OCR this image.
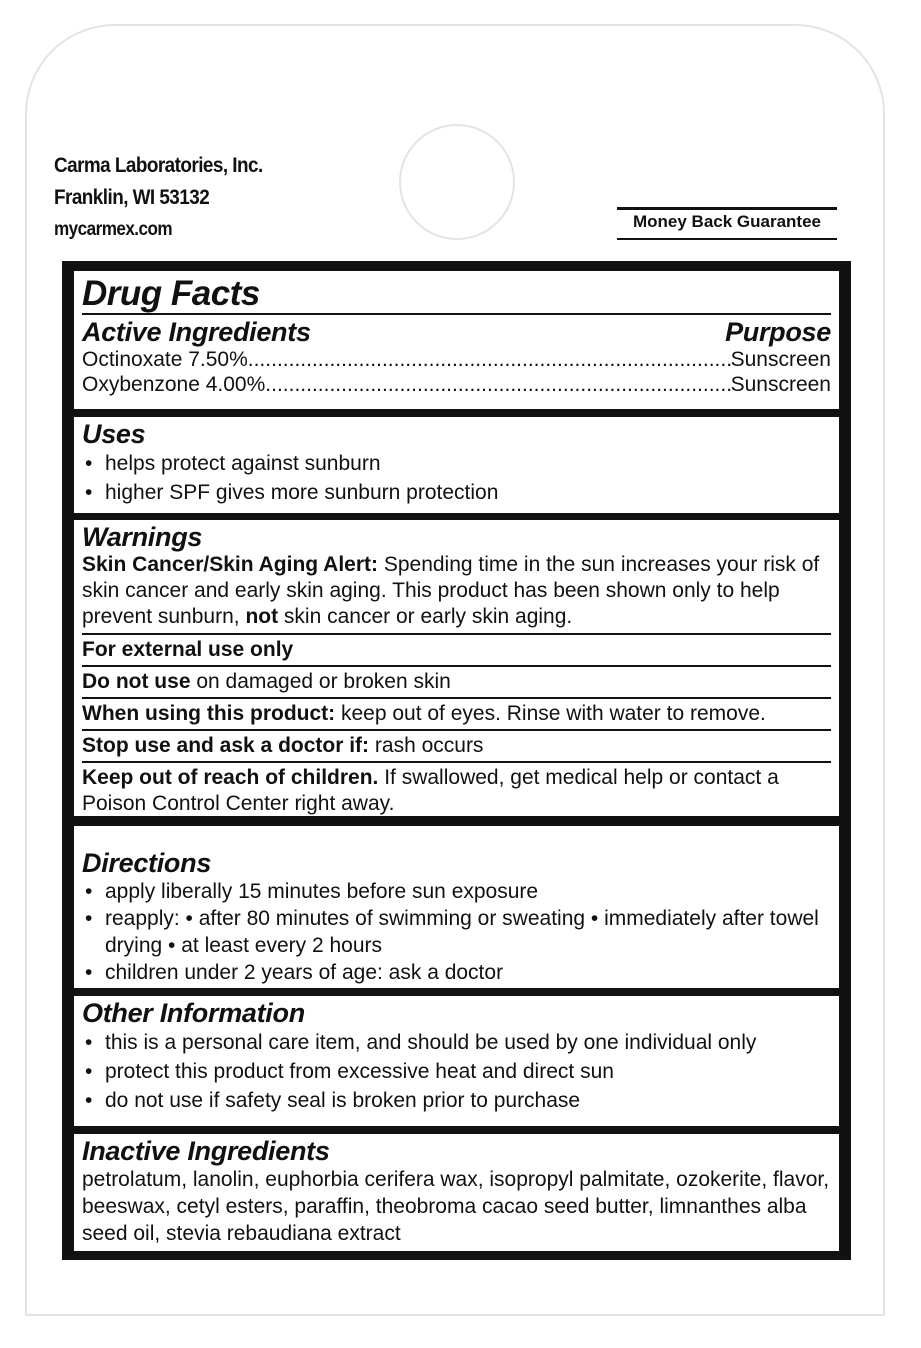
Carma Laboratories, Inc.
Franklin, WI 53132
mycarmex.com	Money Back Guarantee
Drug Facts
Active Ingredients	Purpose
Octinoxate 7.50% .....	Sunscreen
Oxybenzone 4.00% .....	Sunscreen
Uses
• helps protect against sunburn
• higher SPF gives more sunburn protection
Warnings
Skin Cancer/Skin Aging Alert: Spending time in the sun increases your risk of skin cancer and early skin aging. This product has been shown only to help prevent sunburn, not skin cancer or early skin aging.
For external use only
Do not use on damaged or broken skin
When using this product: keep out of eyes. Rinse with water to remove.
Stop use and ask a doctor if: rash occurs
Keep out of reach of children. If swallowed, get medical help or contact a Poison Control Center right away.
Directions
• apply liberally 15 minutes before sun exposure
• reapply: • after 80 minutes of swimming or sweating • immediately after towel drying • at least every 2 hours
• children under 2 years of age: ask a doctor
Other Information
• this is a personal care item, and should be used by one individual only
• protect this product from excessive heat and direct sun
• do not use if safety seal is broken prior to purchase
Inactive Ingredients
petrolatum, lanolin, euphorbia cerifera wax, isopropyl palmitate, ozokerite, flavor, beeswax, cetyl esters, paraffin, theobroma cacao seed butter, limnanthes alba seed oil, stevia rebaudiana extract
